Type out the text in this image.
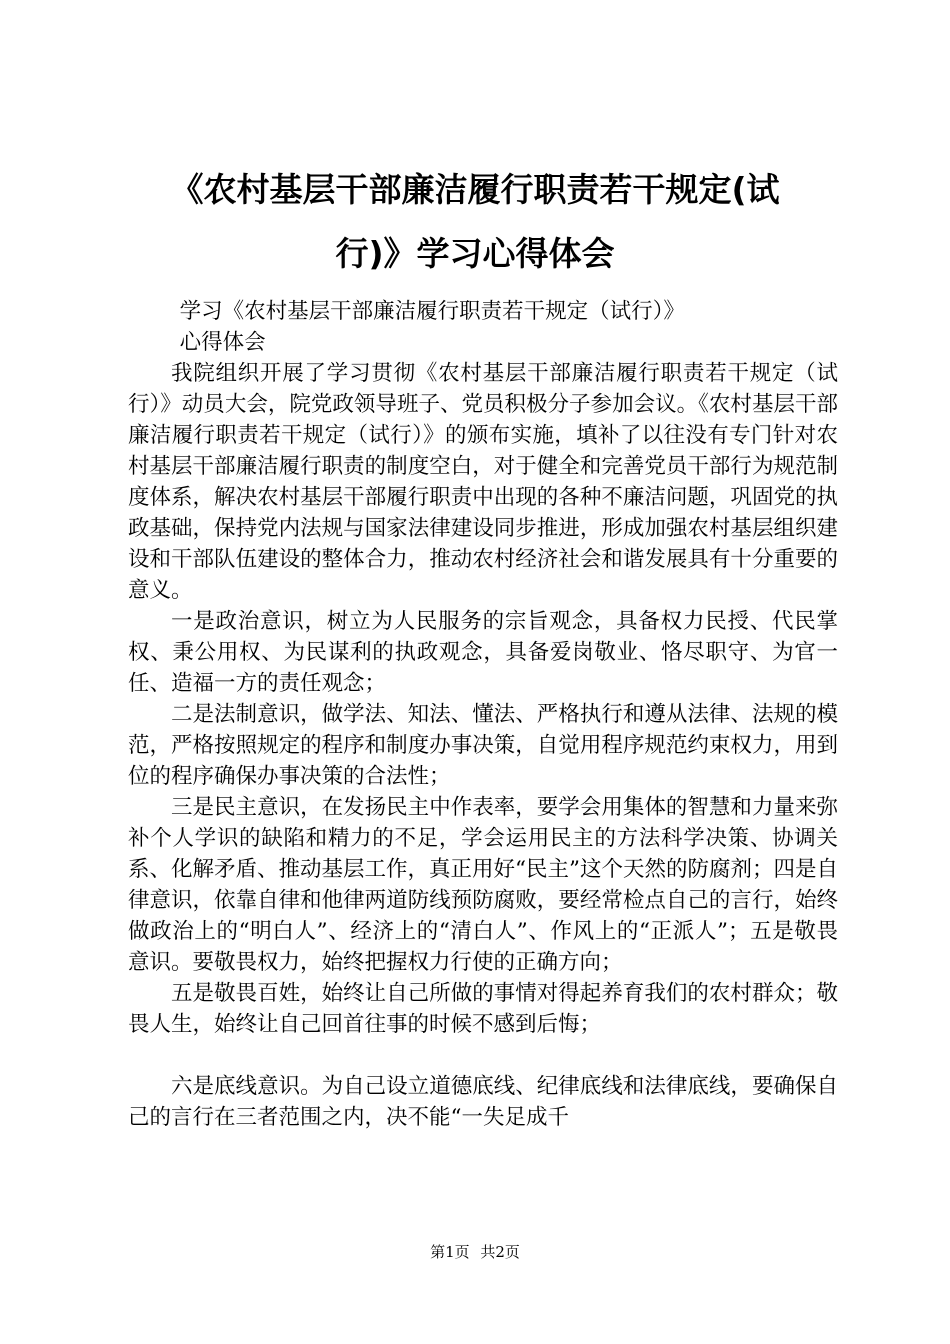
《农村基层干部廉洁履行职责若干规定(试
行)》学习心得体会

学习《农村基层干部廉洁履行职责若干规定（试行）》

心得体会

我院组织开展了学习贯彻《农村基层干部廉洁履行职责若干规定（试行）》动员大会，院党政领导班子、党员积极分子参加会议。《农村基层干部廉洁履行职责若干规定（试行）》的颁布实施，填补了以往没有专门针对农村基层干部廉洁履行职责的制度空白，对于健全和完善党员干部行为规范制度体系，解决农村基层干部履行职责中出现的各种不廉洁问题，巩固党的执政基础，保持党内法规与国家法律建设同步推进，形成加强农村基层组织建设和干部队伍建设的整体合力，推动农村经济社会和谐发展具有十分重要的意义。

一是政治意识，树立为人民服务的宗旨观念，具备权力民授、代民掌权、秉公用权、为民谋利的执政观念，具备爱岗敬业、恪尽职守、为官一任、造福一方的责任观念；

二是法制意识，做学法、知法、懂法、严格执行和遵从法律、法规的模范，严格按照规定的程序和制度办事决策，自觉用程序规范约束权力，用到位的程序确保办事决策的合法性；

三是民主意识，在发扬民主中作表率，要学会用集体的智慧和力量来弥补个人学识的缺陷和精力的不足，学会运用民主的方法科学决策、协调关系、化解矛盾、推动基层工作，真正用好“民主”这个天然的防腐剂；四是自律意识，依靠自律和他律两道防线预防腐败，要经常检点自己的言行，始终做政治上的“明白人”、经济上的“清白人”、作风上的“正派人”；五是敬畏意识。要敬畏权力，始终把握权力行使的正确方向；

五是敬畏百姓，始终让自己所做的事情对得起养育我们的农村群众；敬畏人生，始终让自己回首往事的时候不感到后悔；

六是底线意识。为自己设立道德底线、纪律底线和法律底线，要确保自己的言行在三者范围之内，决不能“一失足成千

第1页 共2页
